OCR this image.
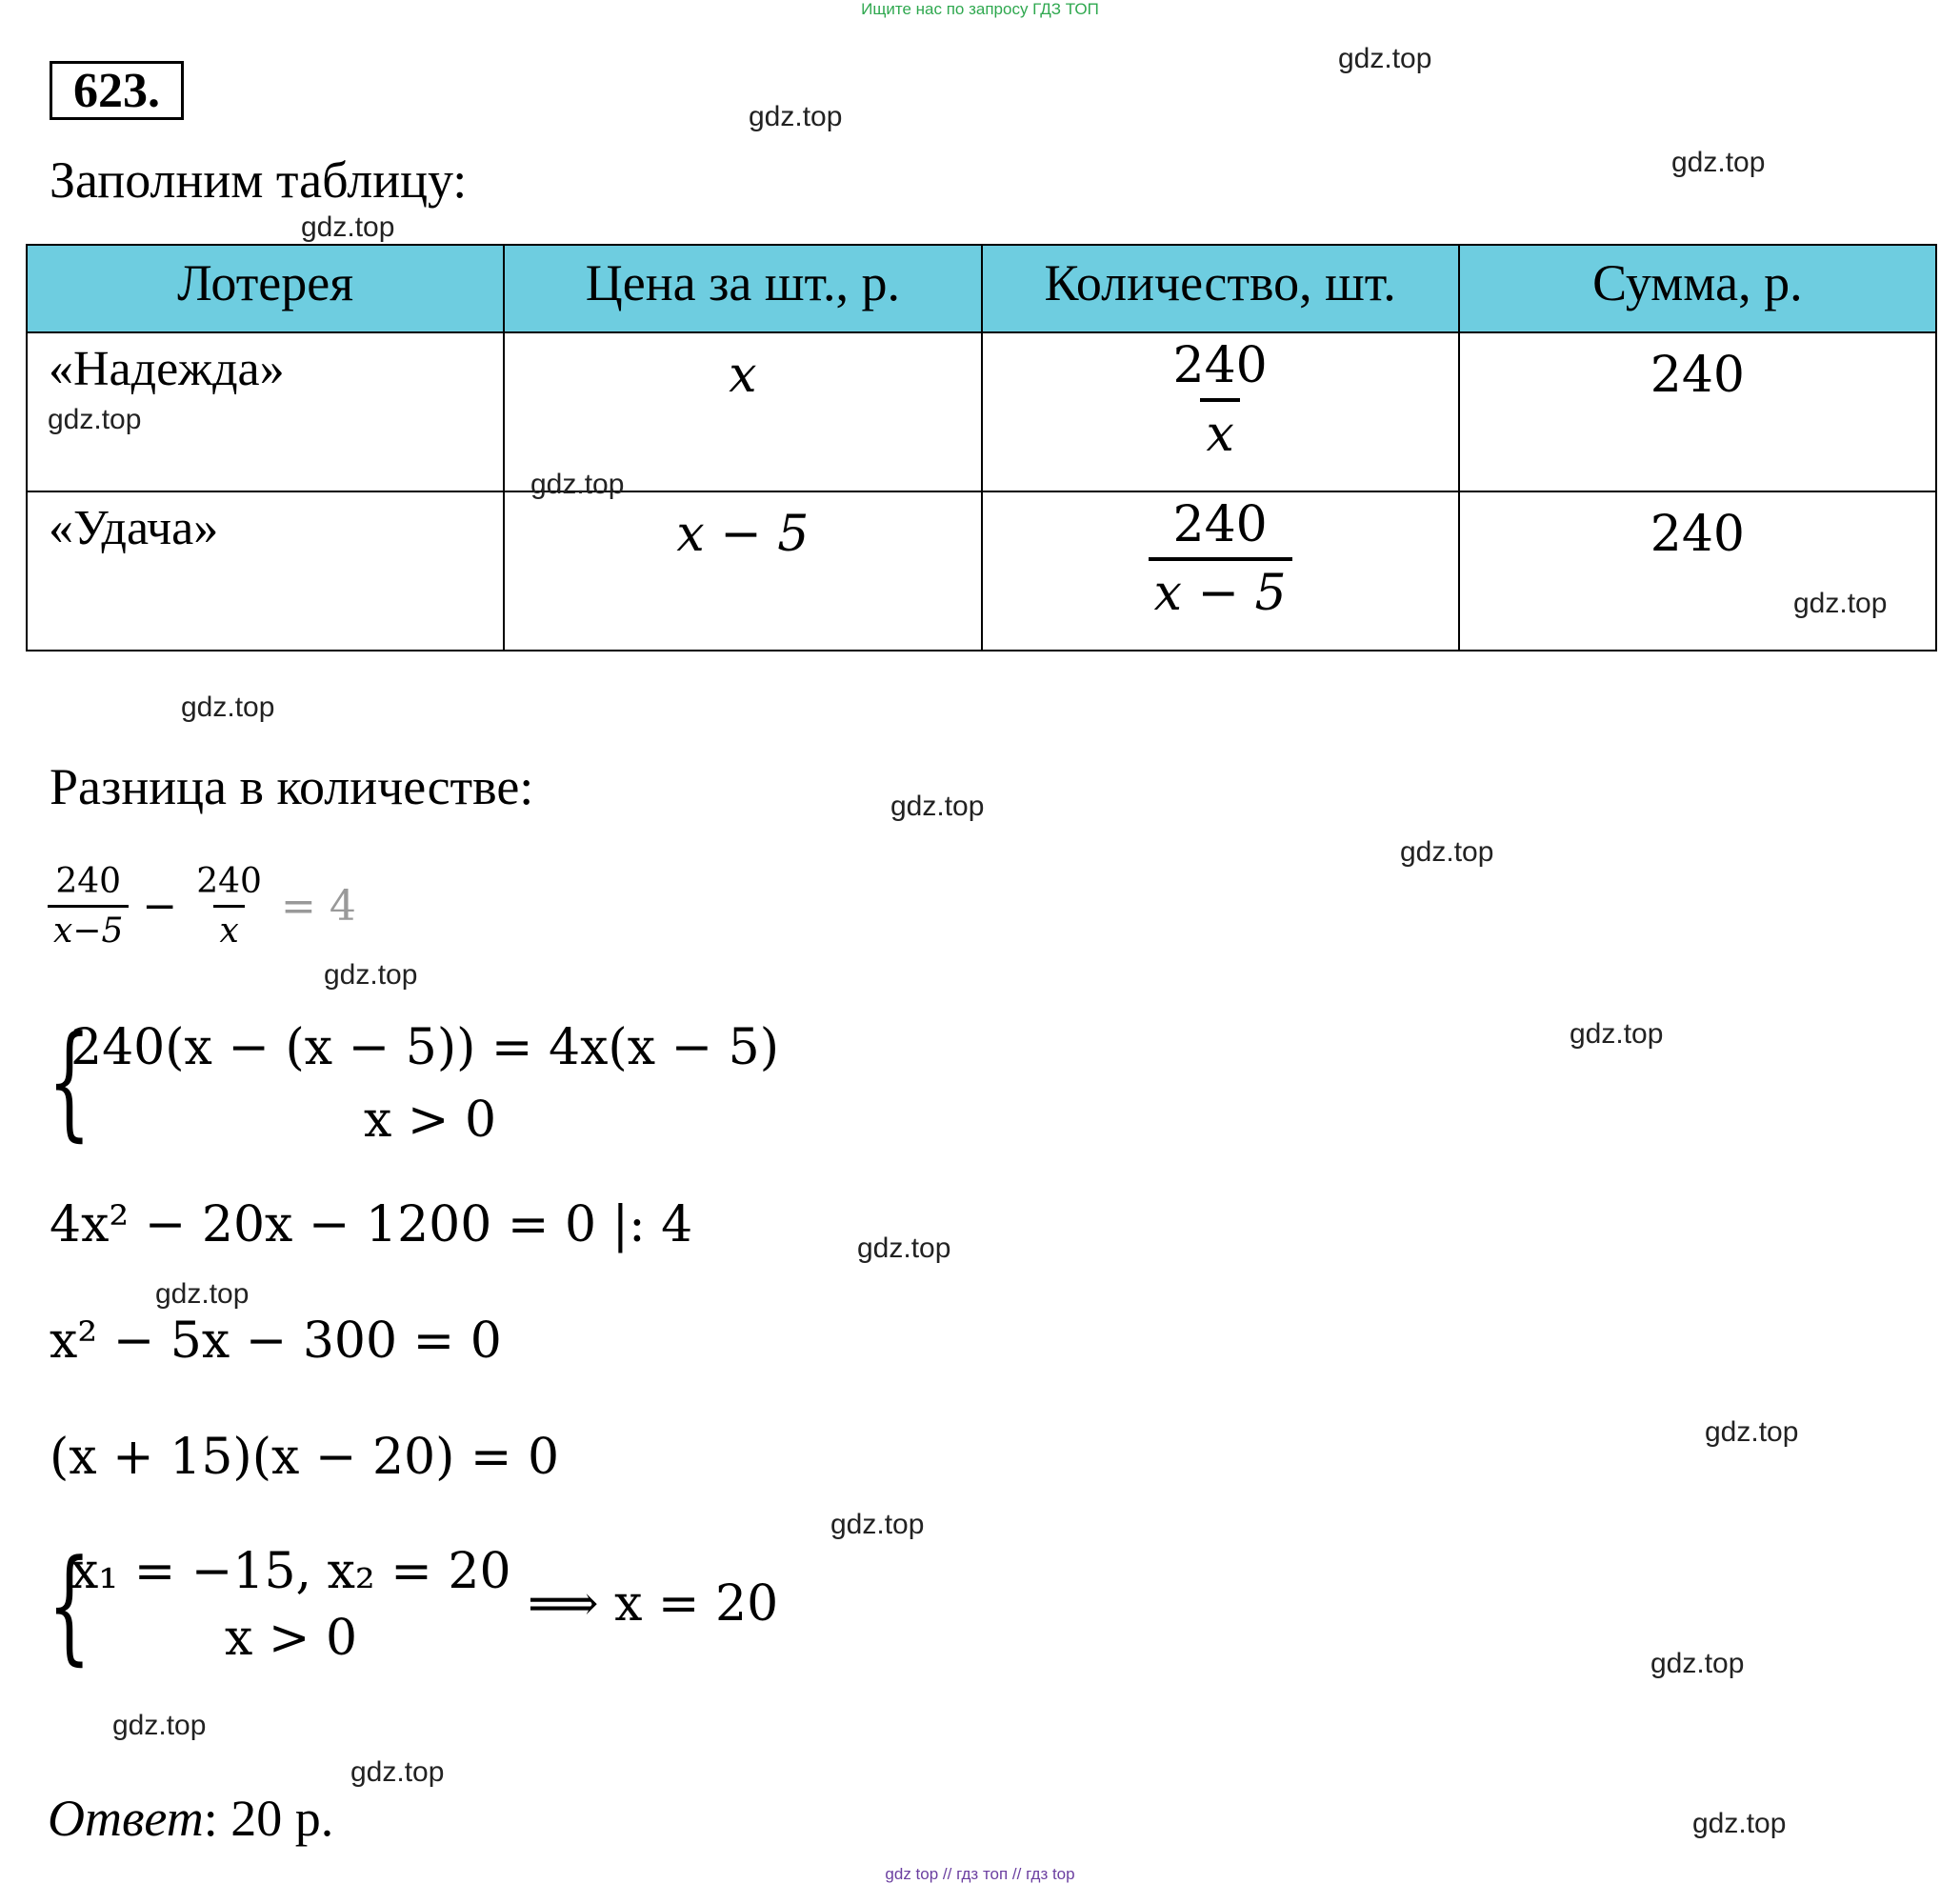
Ищите нас по запросу ГДЗ ТОП
623.
Заполним таблицу:
Лотерея	Цена за шт., р.	Количество, шт.	Сумма, р.
«Надежда»	x	$\frac{240}{x}$	240

«Удача»	x − 5	$\frac{240}{x - 5}$	240
Разница в количестве:
$\frac{240}{x-5} - \frac{240}{x} = 4$
{
240(x − (x − 5)) = 4x(x − 5)
x > 0
4x² − 20x − 1200 = 0 |: 4
x² − 5x − 300 = 0
(x + 15)(x − 20) = 0
{
x₁ = −15, x₂ = 20
x > 0
⟹ x = 20
Ответ: 20 р.
gdz.top
gdz.top
gdz.top
gdz.top
gdz.top
gdz.top
gdz.top
gdz.top
gdz.top
gdz.top
gdz.top
gdz.top
gdz.top
gdz.top
gdz.top
gdz.top
gdz.top
gdz.top
gdz.top
gdz.top
gdz top // гдз топ // гдз top
